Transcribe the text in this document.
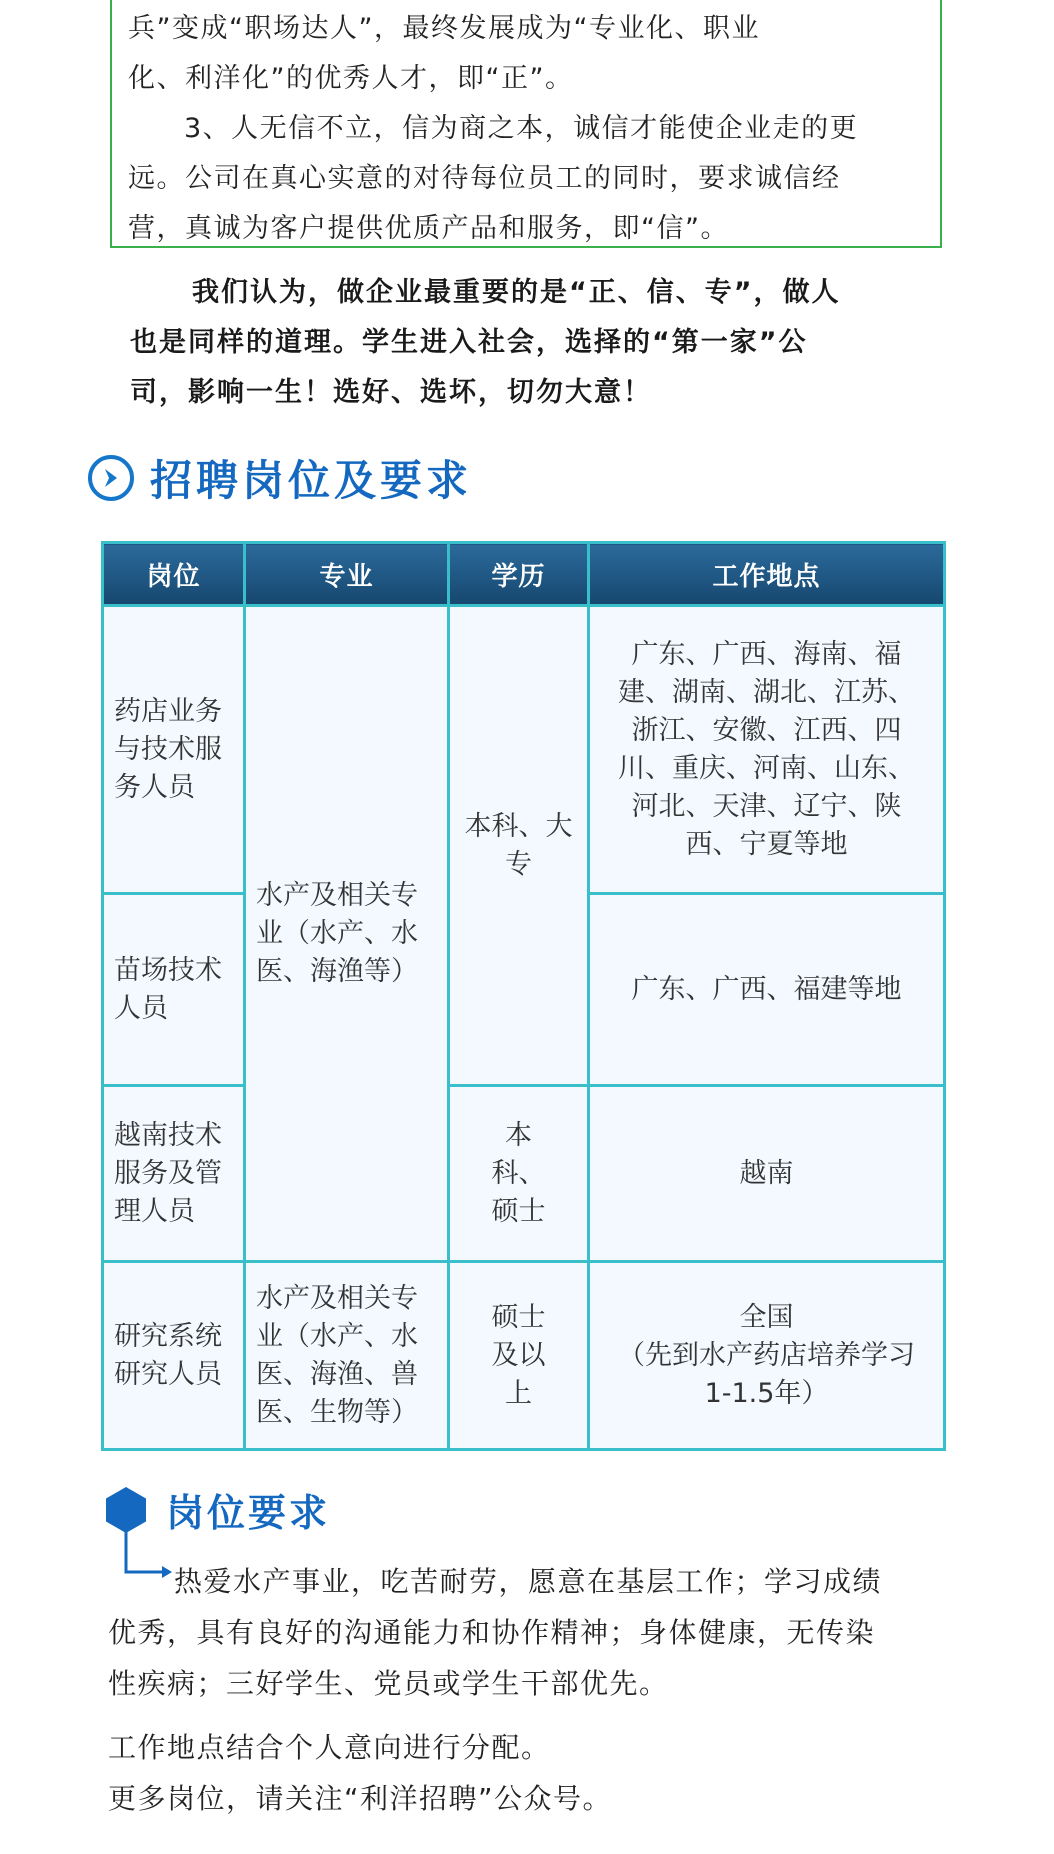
兵”变成“职场达人”，最终发展成为“专业化、职业

化、利洋化”的优秀人才，即“正”。

3、人无信不立，信为商之本，诚信才能使企业走的更

远。公司在真心实意的对待每位员工的同时，要求诚信经

营，真诚为客户提供优质产品和服务，即“信”。

我们认为，做企业最重要的是“正、信、专”，做人
也是同样的道理。学生进入社会，选择的“第一家”公
司，影响一生！选好、选坏，切勿大意！
招聘岗位及要求
岗位	专业	学历	工作地点
药店业务与技术服务人员	水产及相关专业（水产、水医、海渔等）	本科、大专	广东、广西、海南、福建、湖南、湖北、江苏、浙江、安徽、江西、四川、重庆、河南、山东、河北、天津、辽宁、陕西、宁夏等地
苗场技术人员			广东、广西、福建等地
越南技术服务及管理人员		本科、硕士	越南
研究系统研究人员	水产及相关专业（水产、水医、海渔、兽医、生物等）	硕士及以上	全国
（先到水产药店培养学习1-1.5年）
岗位要求
热爱水产事业，吃苦耐劳，愿意在基层工作；学习成绩
优秀，具有良好的沟通能力和协作精神；身体健康，无传染
性疾病；三好学生、党员或学生干部优先。
工作地点结合个人意向进行分配。
更多岗位，请关注“利洋招聘”公众号。
